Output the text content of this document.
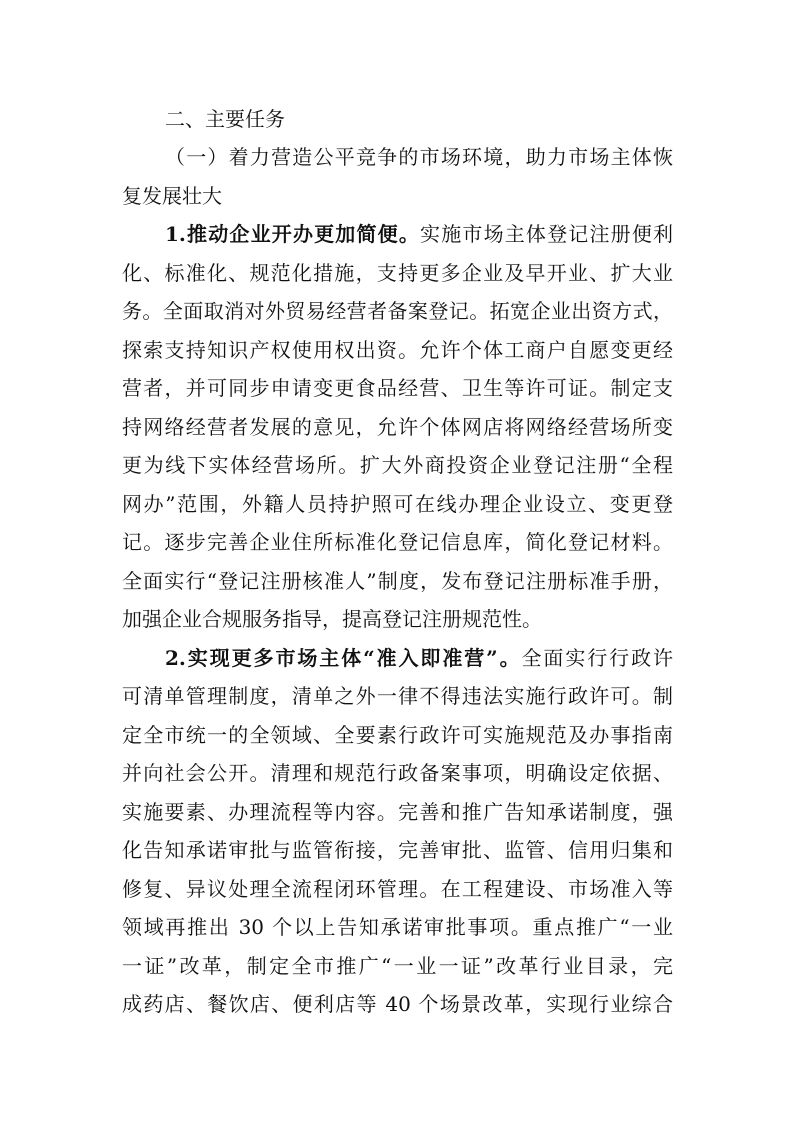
二、主要任务
（一）着力营造公平竞争的市场环境，助力市场主体恢
复发展壮大
1.推动企业开办更加简便。实施市场主体登记注册便利
化、标准化、规范化措施，支持更多企业及早开业、扩大业
务。全面取消对外贸易经营者备案登记。拓宽企业出资方式，
探索支持知识产权使用权出资。允许个体工商户自愿变更经
营者，并可同步申请变更食品经营、卫生等许可证。制定支
持网络经营者发展的意见，允许个体网店将网络经营场所变
更为线下实体经营场所。扩大外商投资企业登记注册“全程
网办”范围，外籍人员持护照可在线办理企业设立、变更登
记。逐步完善企业住所标准化登记信息库，简化登记材料。
全面实行“登记注册核准人”制度，发布登记注册标准手册，
加强企业合规服务指导，提高登记注册规范性。
2.实现更多市场主体“准入即准营”。全面实行行政许
可清单管理制度，清单之外一律不得违法实施行政许可。制
定全市统一的全领域、全要素行政许可实施规范及办事指南
并向社会公开。清理和规范行政备案事项，明确设定依据、
实施要素、办理流程等内容。完善和推广告知承诺制度，强
化告知承诺审批与监管衔接，完善审批、监管、信用归集和
修复、异议处理全流程闭环管理。在工程建设、市场准入等
领域再推出 30 个以上告知承诺审批事项。重点推广“一业
一证”改革，制定全市推广“一业一证”改革行业目录，完
成药店、餐饮店、便利店等 40 个场景改革，实现行业综合
